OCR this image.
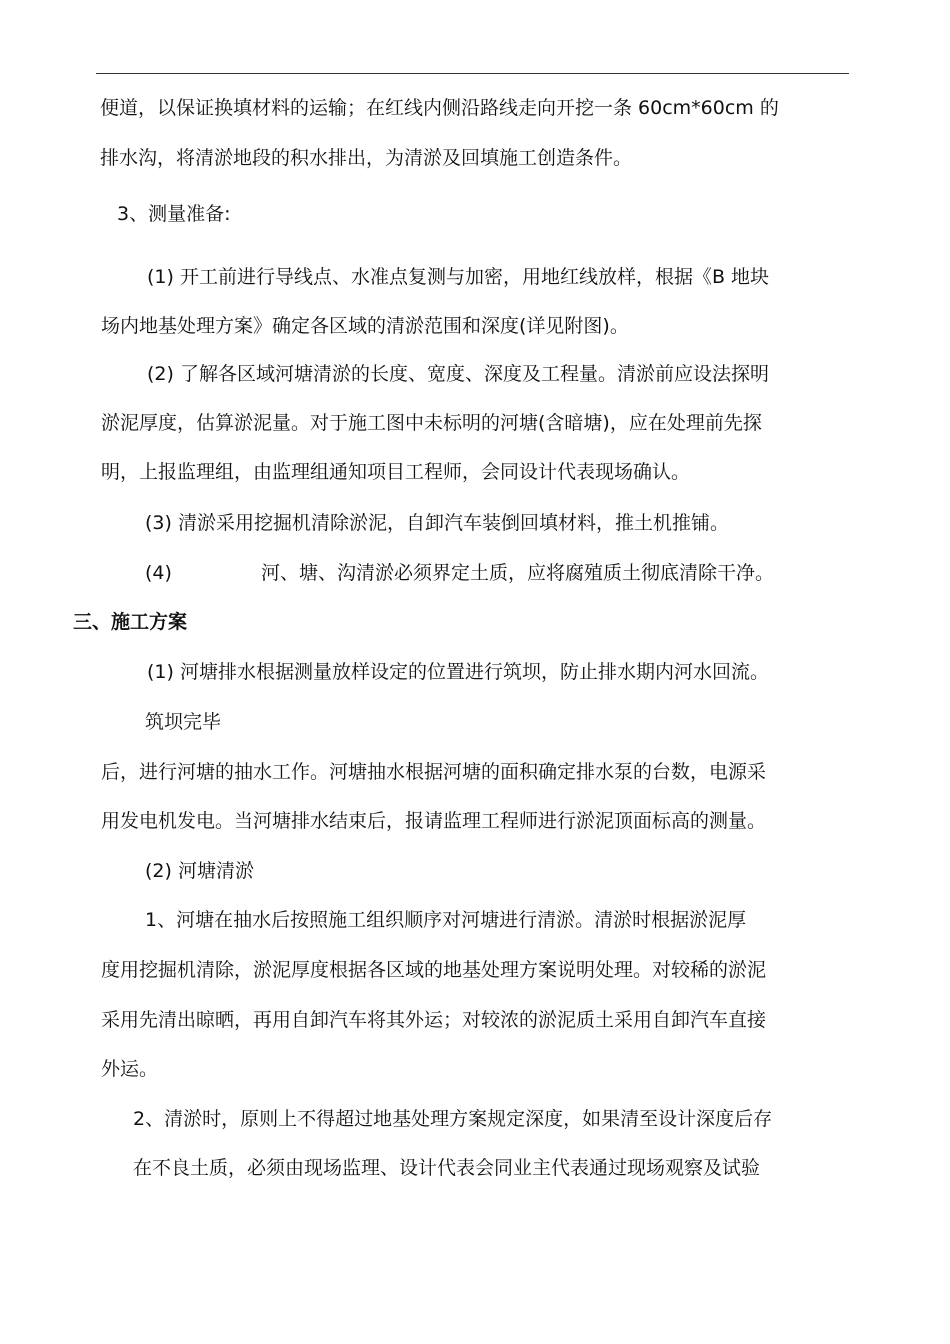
便道，以保证换填材料的运输；在红线内侧沿路线走向开挖一条 60cm*60cm 的
排水沟，将清淤地段的积水排出，为清淤及回填施工创造条件。
3、测量准备:
(1) 开工前进行导线点、水准点复测与加密，用地红线放样，根据《B 地块
场内地基处理方案》确定各区域的清淤范围和深度(详见附图)。
(2) 了解各区域河塘清淤的长度、宽度、深度及工程量。清淤前应设法探明
淤泥厚度，估算淤泥量。对于施工图中未标明的河塘(含暗塘)，应在处理前先探
明，上报监理组，由监理组通知项目工程师，会同设计代表现场确认。
(3) 清淤采用挖掘机清除淤泥，自卸汽车装倒回填材料，推土机推铺。
(4)	河、塘、沟清淤必须界定土质，应将腐殖质土彻底清除干净。
三、施工方案
(1) 河塘排水根据测量放样设定的位置进行筑坝，防止排水期内河水回流。
筑坝完毕
后，进行河塘的抽水工作。河塘抽水根据河塘的面积确定排水泵的台数，电源采
用发电机发电。当河塘排水结束后，报请监理工程师进行淤泥顶面标高的测量。
(2) 河塘清淤
1、河塘在抽水后按照施工组织顺序对河塘进行清淤。清淤时根据淤泥厚
度用挖掘机清除，淤泥厚度根据各区域的地基处理方案说明处理。对较稀的淤泥
采用先清出晾晒，再用自卸汽车将其外运；对较浓的淤泥质土采用自卸汽车直接
外运。
2、清淤时，原则上不得超过地基处理方案规定深度，如果清至设计深度后存
在不良土质，必须由现场监理、设计代表会同业主代表通过现场观察及试验
